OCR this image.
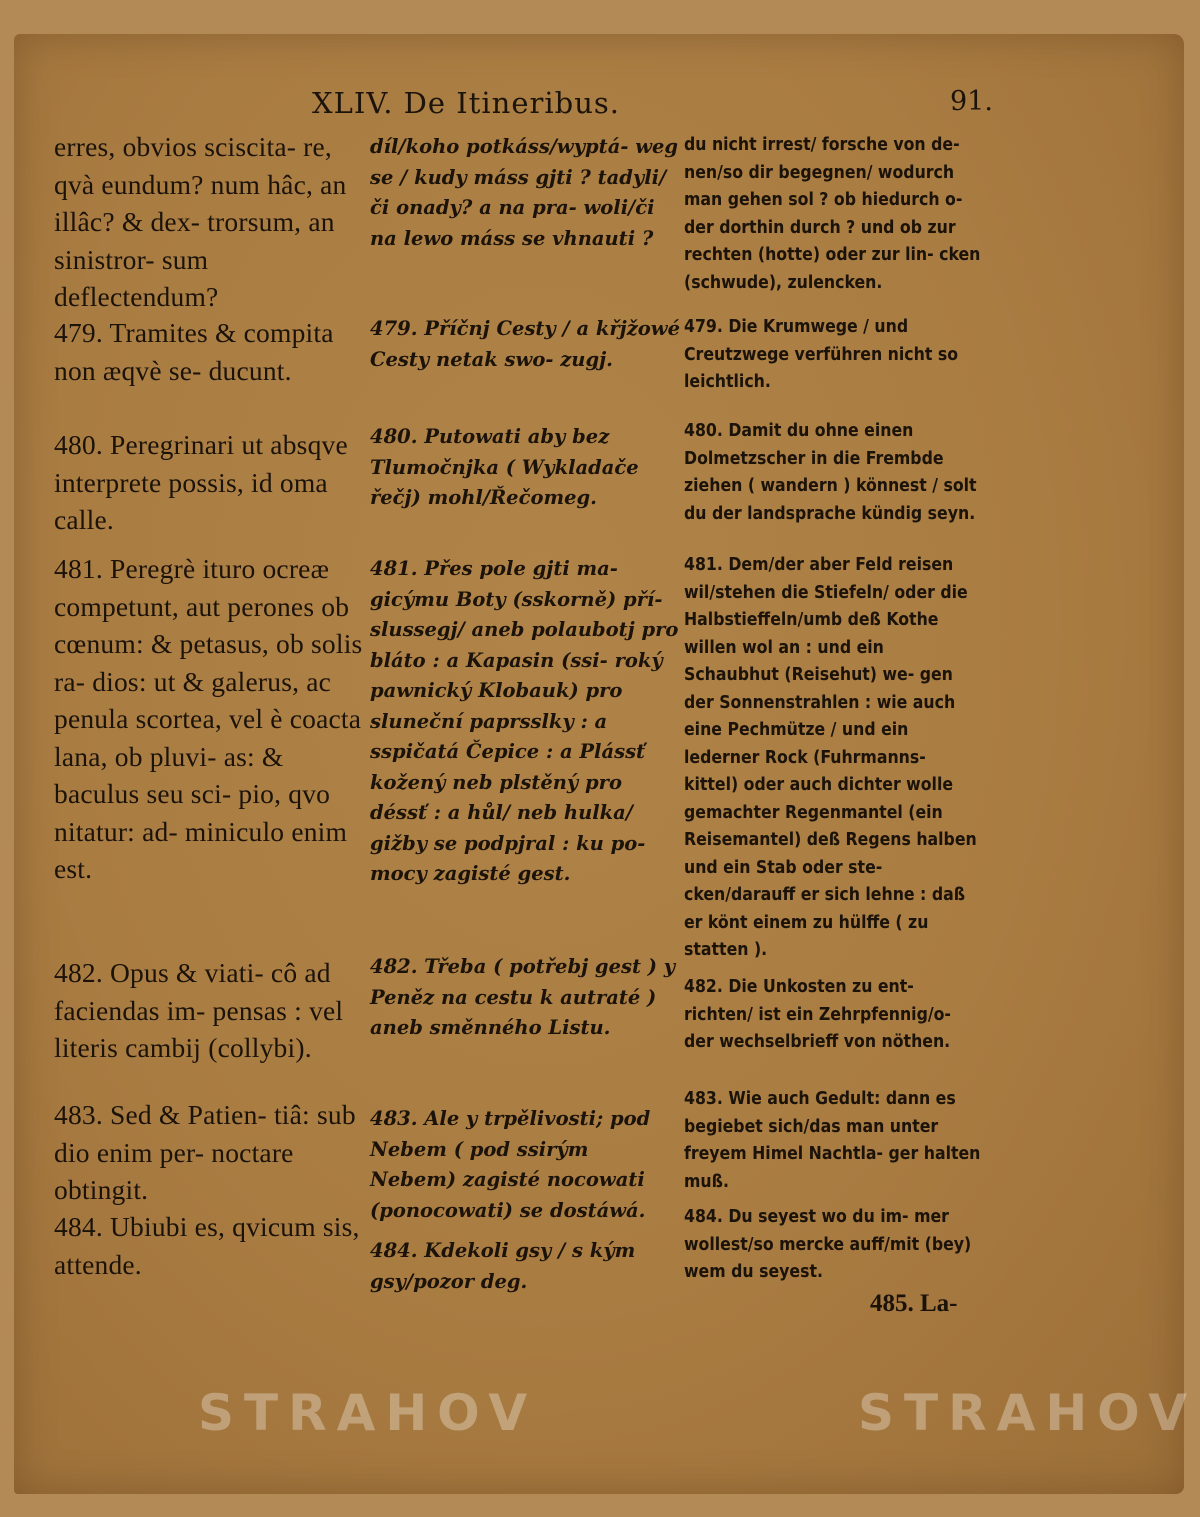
XLIV. De Itineribus.	91.

erres, obvios sciscita- re, qvà eundum? num hâc, an illâc? & dex- trorsum, an sinistror- sum deflectendum?

479. Tramites & compita non æqvè se- ducunt.

480. Peregrinari ut absqve interprete possis, id oma calle.

481. Peregrè ituro ocreæ competunt, aut perones ob cœnum: & petasus, ob solis ra- dios: ut & galerus, ac penula scortea, vel è coacta lana, ob pluvi- as: & baculus seu sci- pio, qvo nitatur: ad- miniculo enim est.

482. Opus & viati- cô ad faciendas im- pensas : vel literis cambij (collybi).

483. Sed & Patien- tiâ: sub dio enim per- noctare obtingit.

484. Ubiubi es, qvicum sis, attende.

díl/koho potkáss/wyptá- weg se / kudy máss gjti ? tadyli/či onady? a na pra- woli/či na lewo máss se vhnauti ?

479. Příčnj Cesty / a křjžowé Cesty netak swo- zugj.

480. Putowati aby bez Tlumočnjka ( Wykladače řečj) mohl/Řečomeg.

481. Přes pole gjti ma- gicýmu Boty (sskorně) pří- slussegj/ aneb polaubotj pro bláto : a Kapasin (ssi- roký pawnický Klobauk) pro sluneční paprsslky : a sspičatá Čepice : a Plássť kožený neb plstěný pro déssť : a hůl/ neb hulka/ gižby se podpjral : ku po- mocy zagisté gest.

482. Třeba ( potřebj gest ) y Peněz na cestu k autraté ) aneb směnného Listu.

483. Ale y trpělivosti; pod Nebem ( pod ssirým Nebem) zagisté nocowati (ponocowati) se dostáwá.

484. Kdekoli gsy / s kým gsy/pozor deg.

du nicht irrest/ forsche von de- nen/so dir begegnen/ wodurch man gehen sol ? ob hiedurch o- der dorthin durch ? und ob zur rechten (hotte) oder zur lin- cken (schwude), zulencken.

479. Die Krumwege / und Creutzwege verführen nicht so leichtlich.

480. Damit du ohne einen Dolmetzscher in die Frembde ziehen ( wandern ) könnest / solt du der landsprache kündig seyn.

481. Dem/der aber Feld reisen wil/stehen die Stiefeln/ oder die Halbstieffeln/umb deß Kothe willen wol an : und ein Schaubhut (Reisehut) we- gen der Sonnenstrahlen : wie auch eine Pechmütze / und ein lederner Rock (Fuhrmanns- kittel) oder auch dichter wolle gemachter Regenmantel (ein Reisemantel) deß Regens halben und ein Stab oder ste- cken/darauff er sich lehne : daß er könt einem zu hülffe ( zu statten ).

482. Die Unkosten zu ent- richten/ ist ein Zehrpfennig/o- der wechselbrieff von nöthen.

483. Wie auch Gedult: dann es begiebet sich/das man unter freyem Himel Nachtla- ger halten muß.

484. Du seyest wo du im- mer wollest/so mercke auff/mit (bey) wem du seyest.

485. La-
STRAHOV	STRAHOV
